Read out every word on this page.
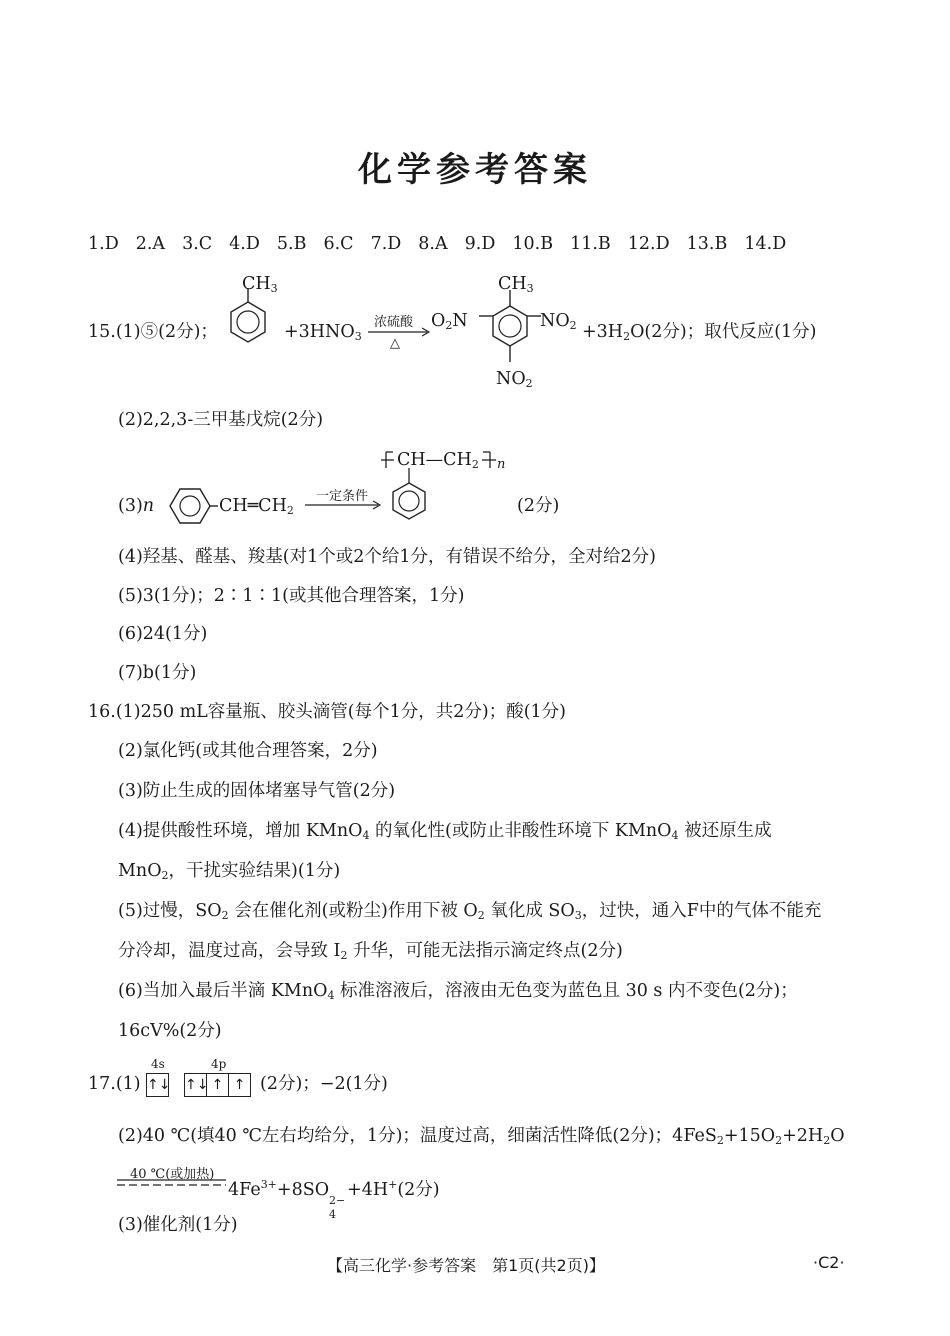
化学参考答案
1.D 2.A 3.C 4.D 5.B 6.C 7.D 8.A 9.D 10.B 11.B 12.D 13.B 14.D
15.(1)⑤(2分)；
$CH_3$
$+3HNO_3$
浓硫酸
△
$O_2N$
$CH_3$
$NO_2$
$NO_2$
$+3H_2O(2$分)；取代反应(1分)
(2)2,2,3-三甲基戊烷(2分)
(3)n	$CH═CH_2$
一定条件
$CH—CH_2$ n
(2分)
(4)羟基、醛基、羧基(对1个或2个给1分，有错误不给分，全对给2分)
(5)3(1分)；2∶1∶1(或其他合理答案，1分)
(6)24(1分)
(7)b(1分)
16.(1)250 mL容量瓶、胶头滴管(每个1分，共2分)；酸(1分)
(2)氯化钙(或其他合理答案，2分)
(3)防止生成的固体堵塞导气管(2分)
(4)提供酸性环境，增加 KMnO$_4$ 的氧化性(或防止非酸性环境下 KMnO$_4$ 被还原生成
MnO$_2$，干扰实验结果)(1分)
(5)过慢，$SO_2$ 会在催化剂(或粉尘)作用下被 $O_2$ 氧化成 $SO_3$，过快，通入F中的气体不能充
分冷却，温度过高，会导致 $I_2$ 升华，可能无法指示滴定终点(2分)
(6)当加入最后半滴 KMnO$_4$ 标准溶液后，溶液由无色变为蓝色且 30 s 内不变色(2分)；
16cV%(2分)
17.(1)
4s	4p
↑↓ ↑↓ ↑ ↑ (2分)；−2(1分)
(2)40 ℃(填40 ℃左右均给分，1分)；温度过高，细菌活性降低(2分)；$4FeS_2+15O_2+2H_2O$
40 ℃(或加热)
$4Fe^{3+}+8SO$
2−
4
+4H+(2分)
(3)催化剂(1分)
【高三化学·参考答案　第1页(共2页)】	·C2·
